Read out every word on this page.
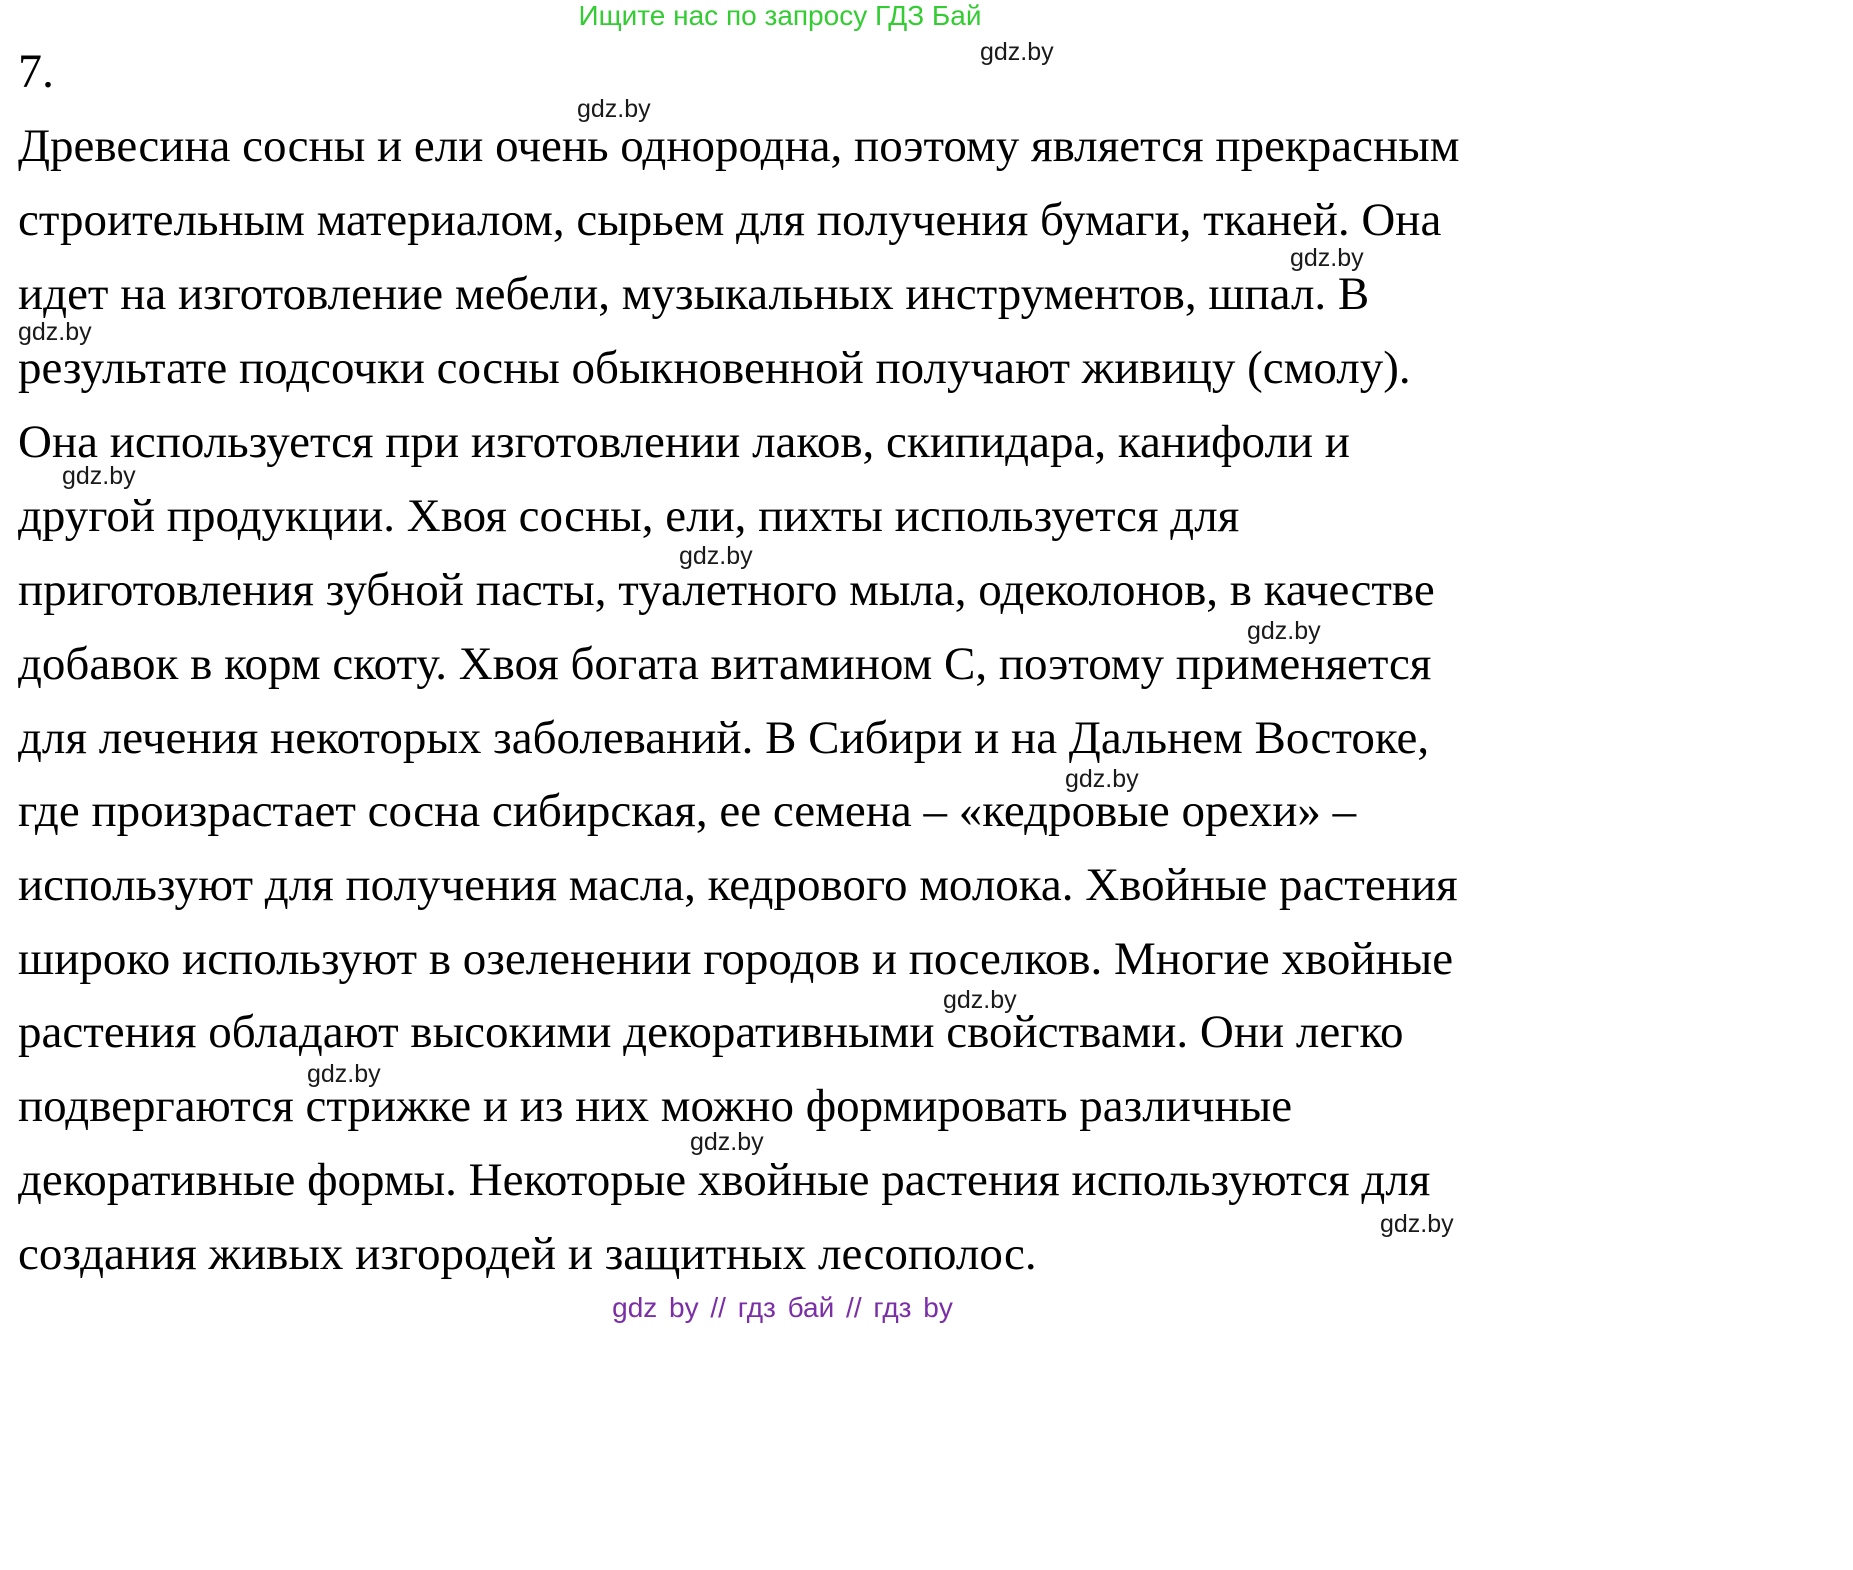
Ищите нас по запросу ГДЗ Бай
7.	gdz.by
gdz.by
gdz.by
gdz.by
gdz.by
gdz.by
gdz.by
gdz.by
gdz.by
gdz.by
gdz.by
gdz.by
Древесина сосны и ели очень однородна, поэтому является прекрасным
строительным материалом, сырьем для получения бумаги, тканей. Она
идет на изготовление мебели, музыкальных инструментов, шпал. В
результате подсочки сосны обыкновенной получают живицу (смолу).
Она используется при изготовлении лаков, скипидара, канифоли и
другой продукции. Хвоя сосны, ели, пихты используется для
приготовления зубной пасты, туалетного мыла, одеколонов, в качестве
добавок в корм скоту. Хвоя богата витамином С, поэтому применяется
для лечения некоторых заболеваний. В Сибири и на Дальнем Востоке,
где произрастает сосна сибирская, ее семена – «кедровые орехи» –
используют для получения масла, кедрового молока. Хвойные растения
широко используют в озеленении городов и поселков. Многие хвойные
растения обладают высокими декоративными свойствами. Они легко
подвергаются стрижке и из них можно формировать различные
декоративные формы. Некоторые хвойные растения используются для
создания живых изгородей и защитных лесополос.
gdz.by
gdz by // гдз бай // гдз by
